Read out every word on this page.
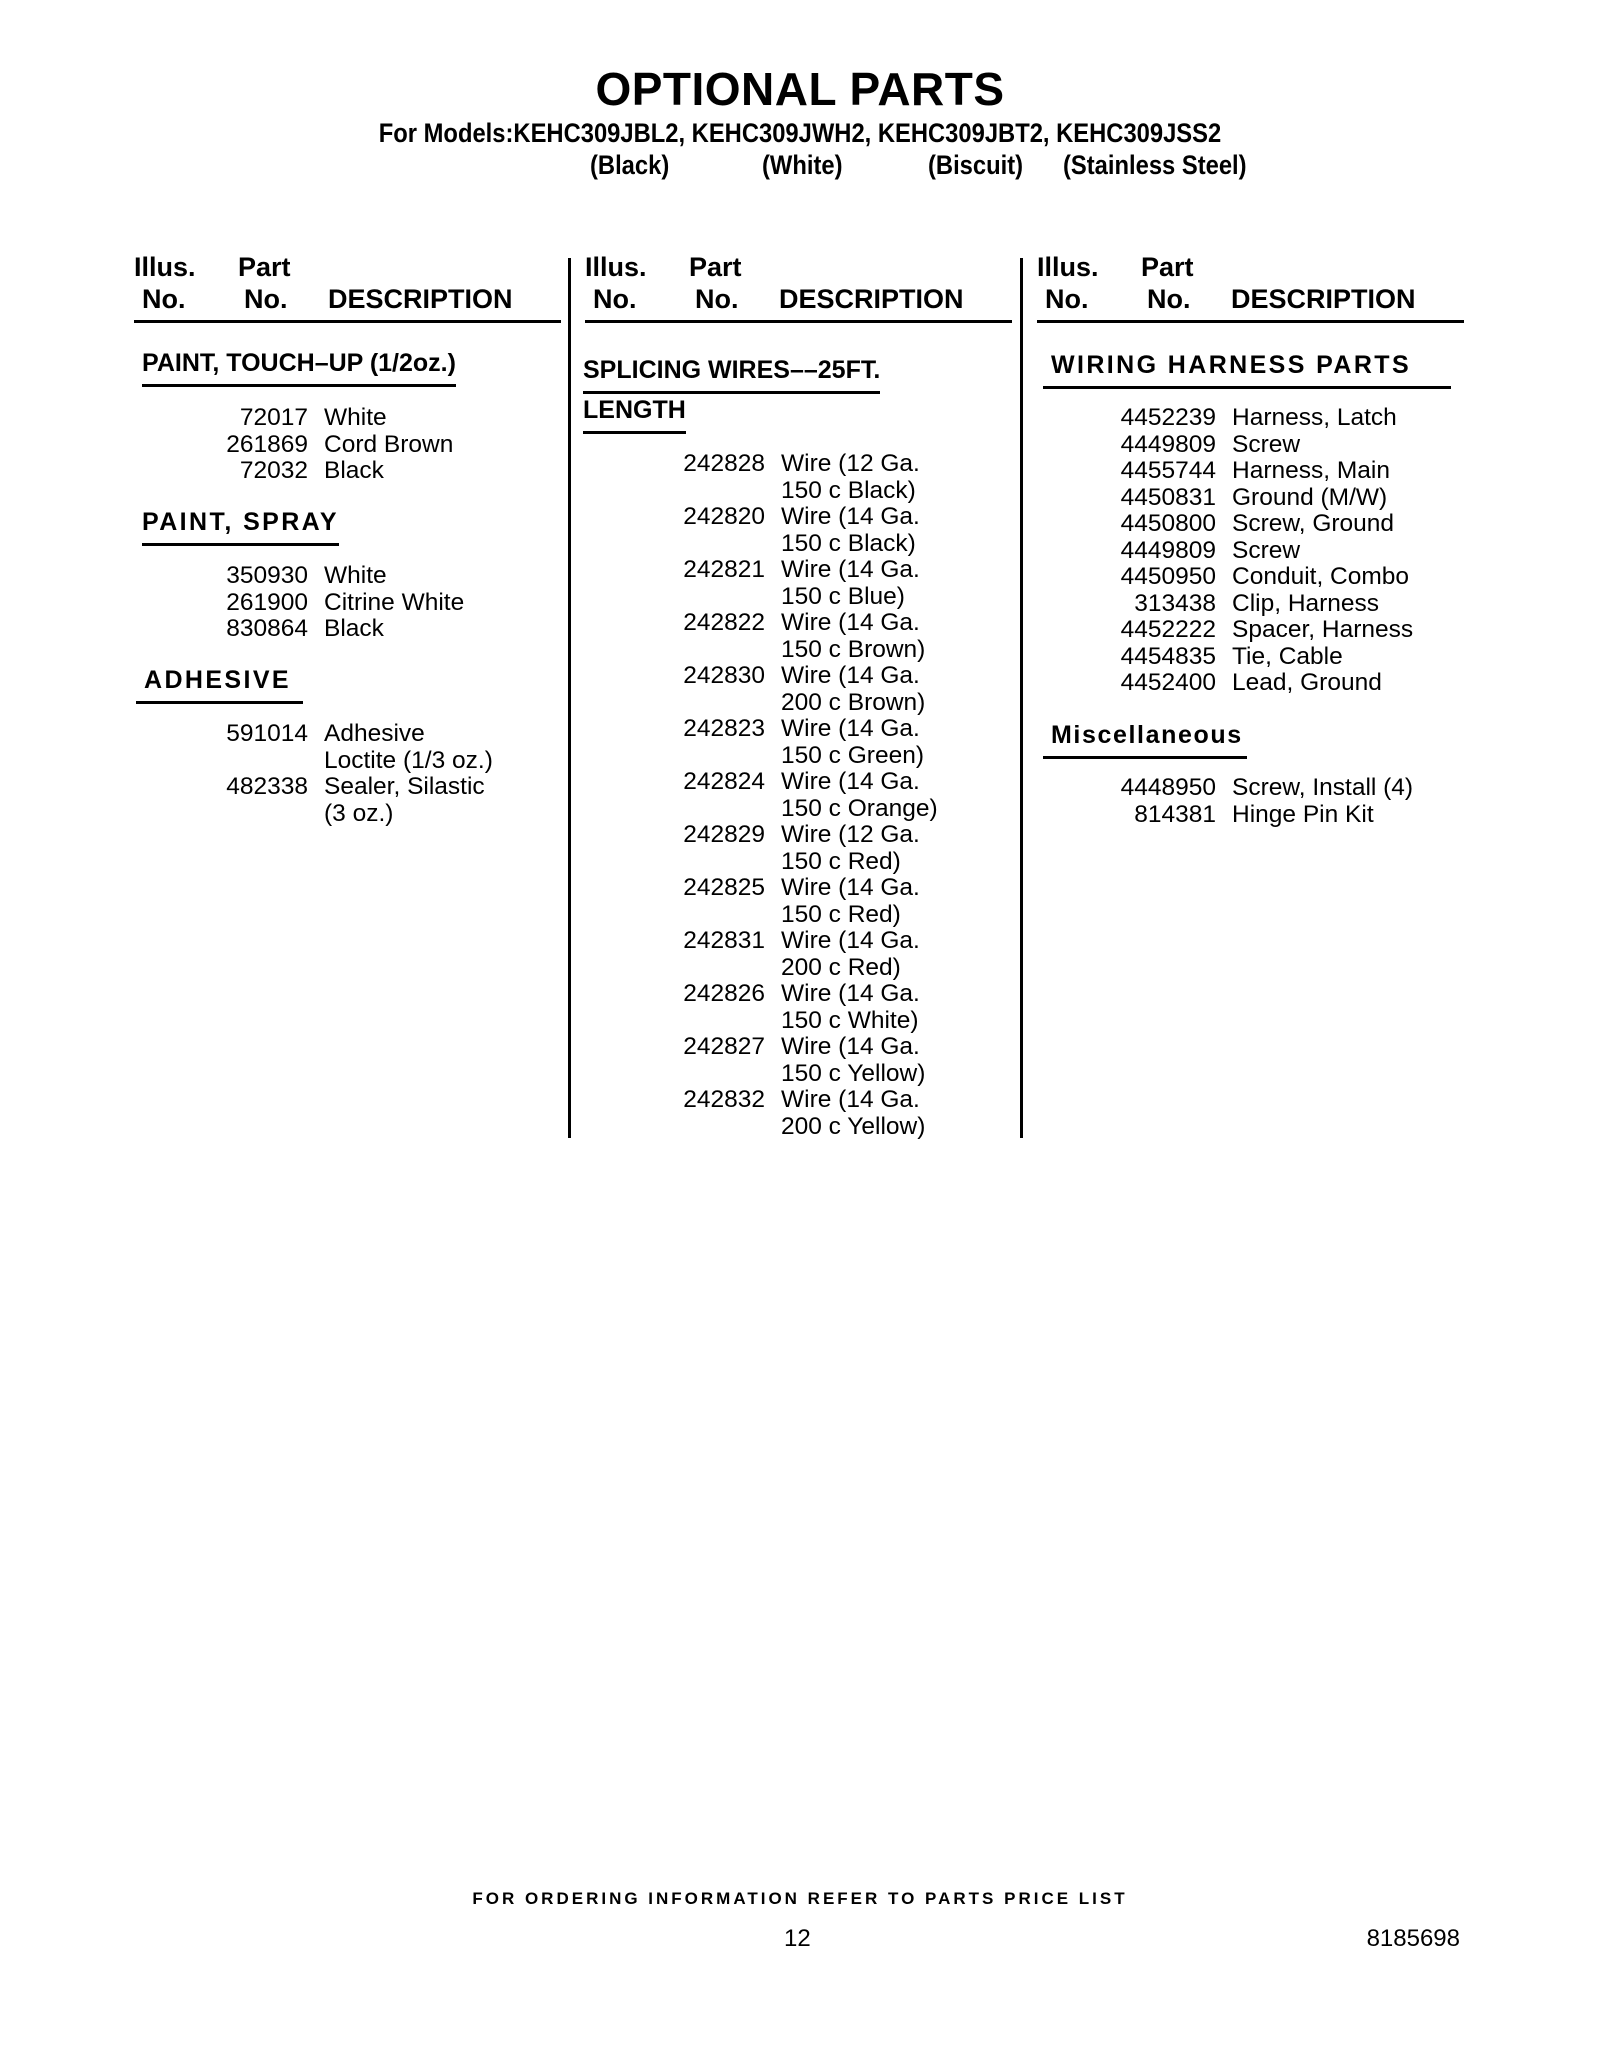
OPTIONAL PARTS
For Models:KEHC309JBL2, KEHC309JWH2, KEHC309JBT2, KEHC309JSS2
(Black)	(White)	(Biscuit) (Stainless Steel)
Illus.
No.
Part
No. DESCRIPTION
Illus.
No.
Part
No. DESCRIPTION
Illus.
No.
Part
No. DESCRIPTION
PAINT, TOUCH–UP (1/2oz.)
72017 White
261869 Cord Brown
72032 Black
PAINT, SPRAY
350930 White
261900 Citrine White
830864 Black
ADHESIVE
591014 Adhesive
Loctite (1/3 oz.)
482338 Sealer, Silastic
(3 oz.)
SPLICING WIRES––25FT.
LENGTH
242828 Wire (12 Ga.
150 c Black)
242820 Wire (14 Ga.
150 c Black)
242821 Wire (14 Ga.
150 c Blue)
242822 Wire (14 Ga.
150 c Brown)
242830 Wire (14 Ga.
200 c Brown)
242823 Wire (14 Ga.
150 c Green)
242824 Wire (14 Ga.
150 c Orange)
242829 Wire (12 Ga.
150 c Red)
242825 Wire (14 Ga.
150 c Red)
242831 Wire (14 Ga.
200 c Red)
242826 Wire (14 Ga.
150 c White)
242827 Wire (14 Ga.
150 c Yellow)
242832 Wire (14 Ga.
200 c Yellow)
WIRING HARNESS PARTS
4452239 Harness, Latch
4449809 Screw
4455744 Harness, Main
4450831 Ground (M/W)
4450800 Screw, Ground
4449809 Screw
4450950 Conduit, Combo
313438 Clip, Harness
4452222 Spacer, Harness
4454835 Tie, Cable
4452400 Lead, Ground
Miscellaneous
4448950 Screw, Install (4)
814381 Hinge Pin Kit
FOR ORDERING INFORMATION REFER TO PARTS PRICE LIST
12	8185698
